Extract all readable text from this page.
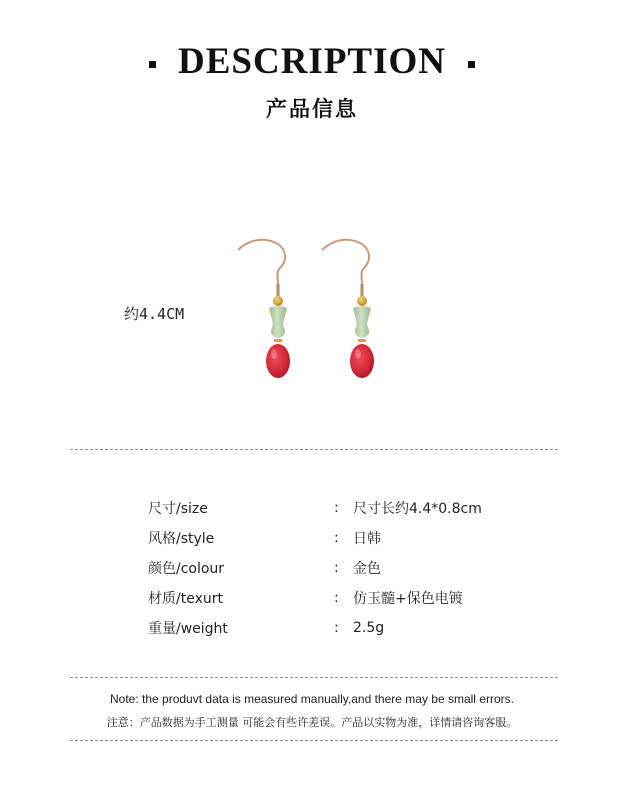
DESCRIPTION
产品信息
约4.4CM
尺寸/size	:	尺寸长约4.4*0.8cm
风格/style	:	日韩
颜色/colour	:	金色
材质/texurt	:	仿玉髓+保色电镀
重量/weight	:	2.5g
Note: the produvt data is measured manually,and there may be small errors.
注意：产品数据为手工测量 可能会有些许差误。产品以实物为准，详情请咨询客服。
